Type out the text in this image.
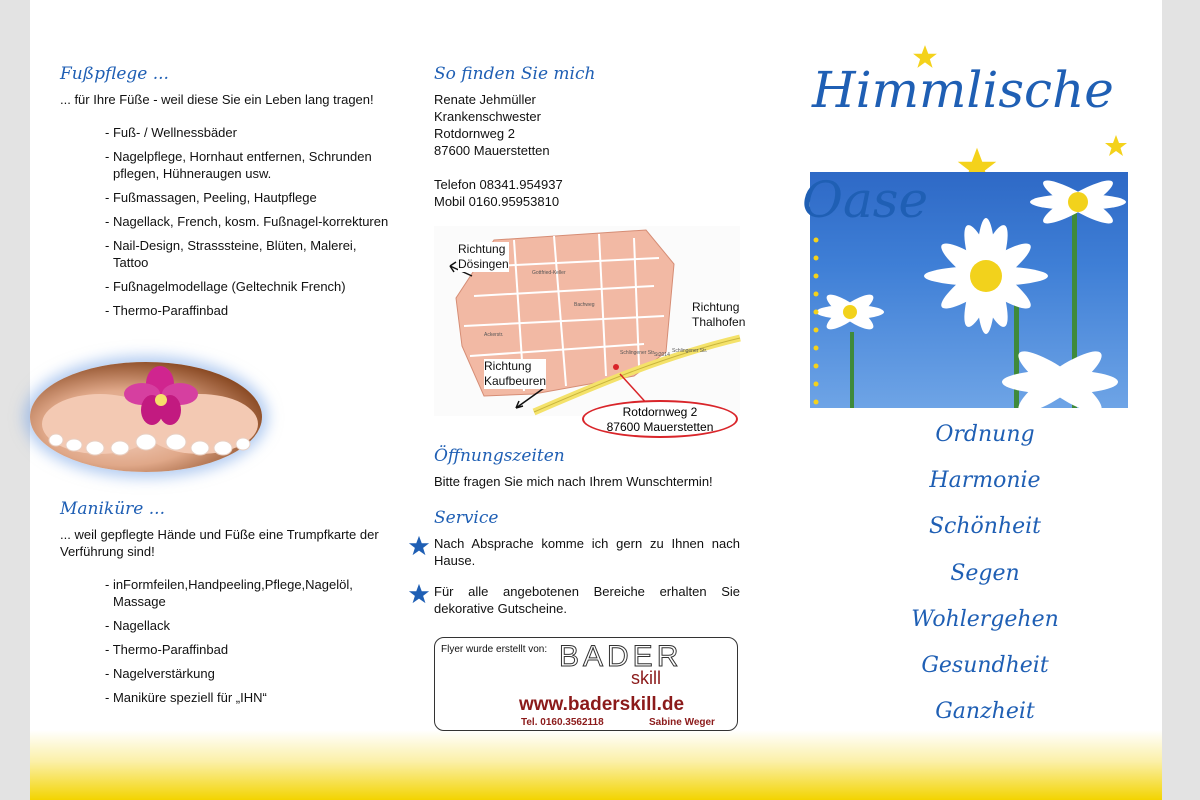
Fußpflege ...

... für Ihre Füße - weil diese Sie ein Leben lang tragen!

- Fuß- / Wellnessbäder
- Nagelpflege, Hornhaut entfernen, Schrunden pflegen, Hühneraugen usw.
- Fußmassagen, Peeling, Hautpflege
- Nagellack, French, kosm. Fußnagel-korrekturen
- Nail-Design, Strasssteine, Blüten, Malerei, Tattoo
- Fußnagelmodellage (Geltechnik French)
- Thermo-Paraffinbad
Maniküre ...

... weil gepflegte Hände und Füße eine Trumpfkarte der Verführung sind!

- inFormfeilen,Handpeeling,Pflege,Nagelöl, Massage
- Nagellack
- Thermo-Paraffinbad
- Nagelverstärkung
- Maniküre speziell für „IHN“
So finden Sie mich

Renate Jehmüller

Krankenschwester

Rotdornweg 2

87600 Mauerstetten

Telefon 08341.954937

Mobil 0160.95953810

Schlingener Str.	Schlingener Str.
St2014
Gottfried-Keller
Bachweg
Ackerstr.
Richtung
Dösingen
Richtung
Thalhofen
Richtung
Kaufbeuren
Rotdornweg 2
87600 Mauerstetten
Öffnungszeiten
Bitte fragen Sie mich nach Ihrem Wunschtermin!
Service
Nach Absprache komme ich gern zu Ihnen nach Hause.
Für alle angebotenen Bereiche erhalten Sie dekorative Gutscheine.
Flyer wurde erstellt von: BADER
skill
www.baderskill.de
Tel. 0160.3562118	Sabine Weger
Himmlische
Oase
Ordnung
Harmonie
Schönheit
Segen
Wohlergehen
Gesundheit
Ganzheit
